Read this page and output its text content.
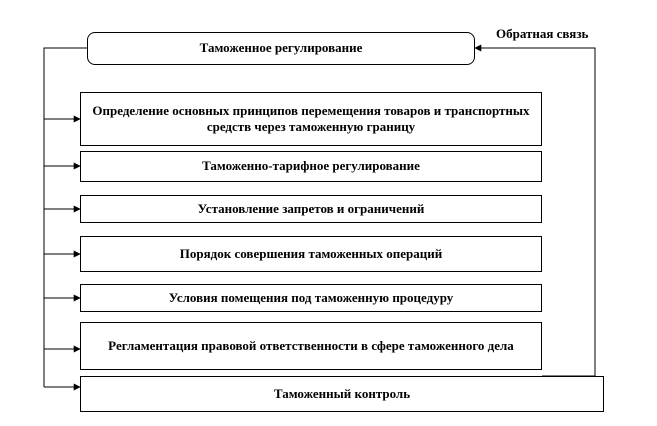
Таможенное регулирование
Обратная связь
Определение основных принципов перемещения товаров и транспортных средств через таможенную границу
Таможенно-тарифное регулирование
Установление запретов и ограничений
Порядок совершения таможенных операций
Условия помещения под таможенную процедуру
Регламентация правовой ответственности в сфере таможенного дела
Таможенный контроль
